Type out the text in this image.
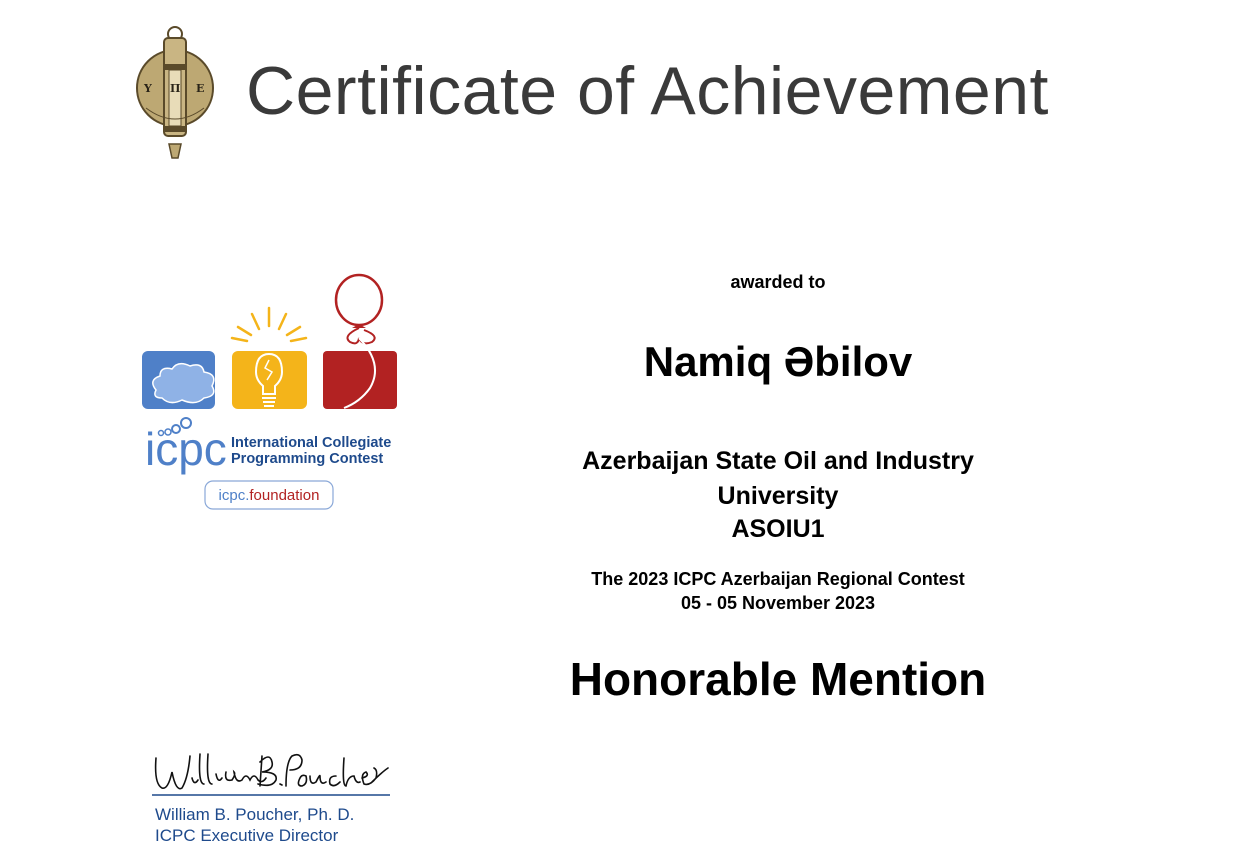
Υ Π Ε Certificate of Achievement
icpc International Collegiate
Programming Contest
icpc.foundation
awarded to
Namiq Əbilov
Azerbaijan State Oil and Industry University
ASOIU1
The 2023 ICPC Azerbaijan Regional Contest
05 - 05 November 2023
Honorable Mention
William B. Poucher, Ph. D.
ICPC Executive Director
